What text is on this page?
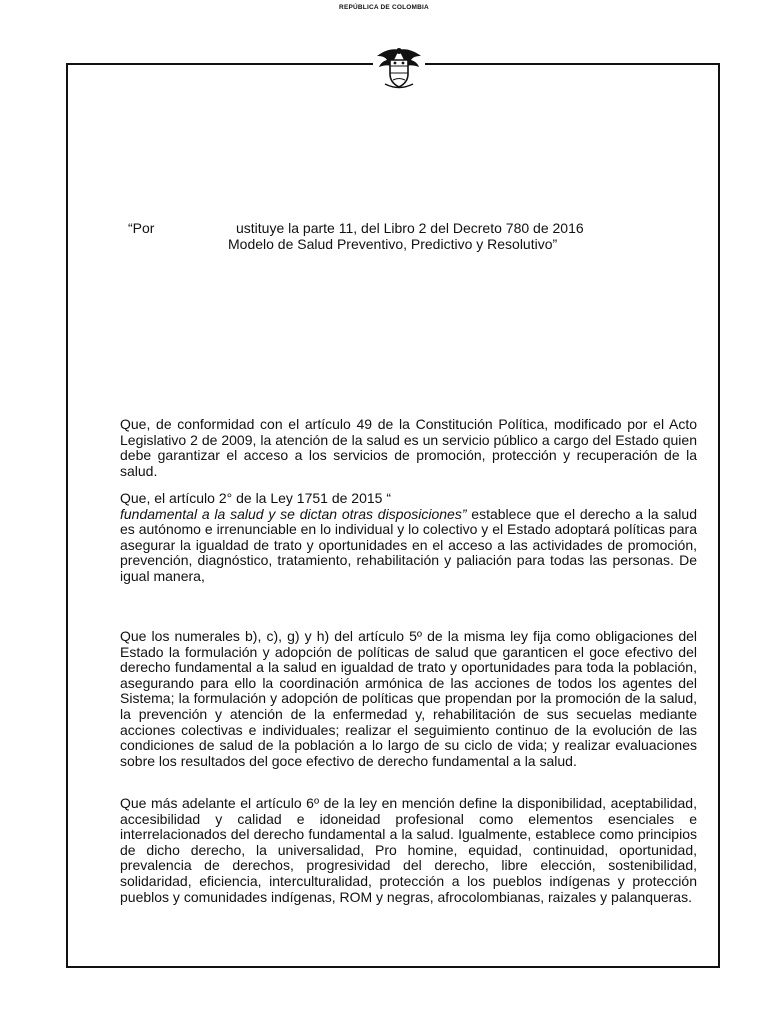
REPÚBLICA DE COLOMBIA
“Por	ustituye la parte 11, del Libro 2 del Decreto 780 de 2016
Modelo de Salud Preventivo, Predictivo y Resolutivo”

Que, de conformidad con el artículo 49 de la Constitución Política, modificado por el Acto Legislativo 2 de 2009, la atención de la salud es un servicio público a cargo del Estado quien debe garantizar el acceso a los servicios de promoción, protección y recuperación de la salud.

Que, el artículo 2° de la Ley 1751 de 2015 “
fundamental a la salud y se dictan otras disposiciones” establece que el derecho a la salud es autónomo e irrenunciable en lo individual y lo colectivo y el Estado adoptará políticas para asegurar la igualdad de trato y oportunidades en el acceso a las actividades de promoción, prevención, diagnóstico, tratamiento, rehabilitación y paliación para todas las personas. De igual manera,

Que los numerales b), c), g) y h) del artículo 5º de la misma ley fija como obligaciones del Estado la formulación y adopción de políticas de salud que garanticen el goce efectivo del derecho fundamental a la salud en igualdad de trato y oportunidades para toda la población, asegurando para ello la coordinación armónica de las acciones de todos los agentes del Sistema; la formulación y adopción de políticas que propendan por la promoción de la salud, la prevención y atención de la enfermedad y, rehabilitación de sus secuelas mediante acciones colectivas e individuales; realizar el seguimiento continuo de la evolución de las condiciones de salud de la población a lo largo de su ciclo de vida; y realizar evaluaciones sobre los resultados del goce efectivo de derecho fundamental a la salud.

Que más adelante el artículo 6º de la ley en mención define la disponibilidad, aceptabilidad, accesibilidad y calidad e idoneidad profesional como elementos esenciales e interrelacionados del derecho fundamental a la salud. Igualmente, establece como principios de dicho derecho, la universalidad, Pro homine, equidad, continuidad, oportunidad, prevalencia de derechos, progresividad del derecho, libre elección, sostenibilidad, solidaridad, eficiencia, interculturalidad, protección a los pueblos indígenas y protección pueblos y comunidades indígenas, ROM y negras, afrocolombianas, raizales y palanqueras.
